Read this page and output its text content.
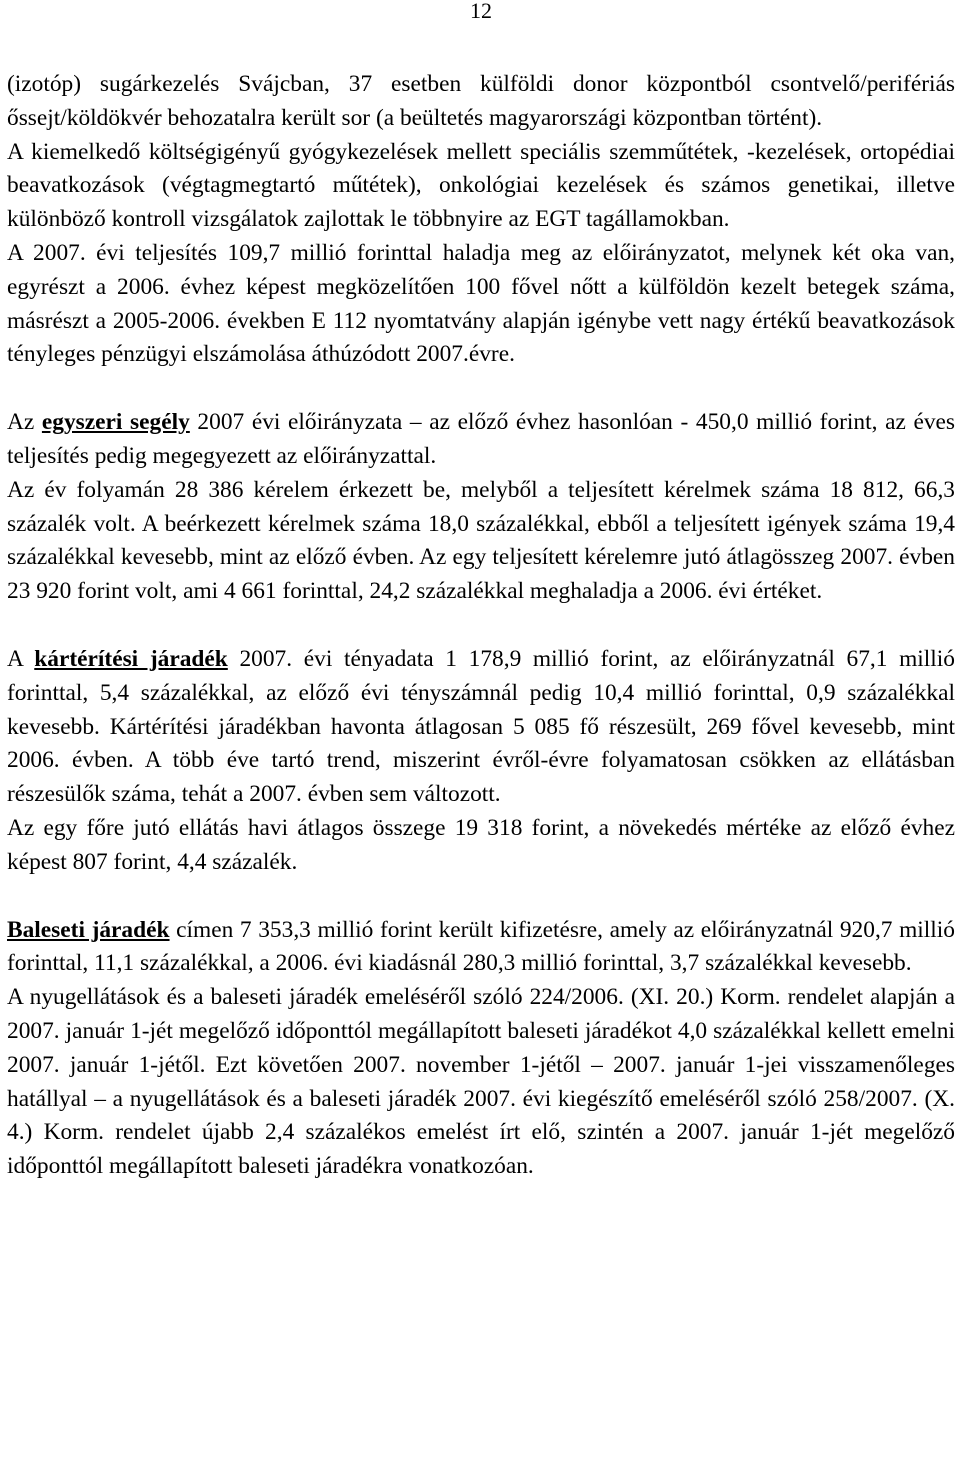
12

(izotóp) sugárkezelés Svájcban, 37 esetben külföldi donor központból csontvelő/perifériás őssejt/köldökvér behozatalra került sor (a beültetés magyarországi központban történt).

A kiemelkedő költségigényű gyógykezelések mellett speciális szemműtétek, -kezelések, ortopédiai beavatkozások (végtagmegtartó műtétek), onkológiai kezelések és számos genetikai, illetve különböző kontroll vizsgálatok zajlottak le többnyire az EGT tagállamokban.

A 2007. évi teljesítés 109,7 millió forinttal haladja meg az előirányzatot, melynek két oka van, egyrészt a 2006. évhez képest megközelítően 100 fővel nőtt a külföldön kezelt betegek száma, másrészt a 2005-2006. években E 112 nyomtatvány alapján igénybe vett nagy értékű beavatkozások tényleges pénzügyi elszámolása áthúzódott 2007.évre.

Az egyszeri segély 2007 évi előirányzata – az előző évhez hasonlóan - 450,0 millió forint, az éves teljesítés pedig megegyezett az előirányzattal.

Az év folyamán 28 386 kérelem érkezett be, melyből a teljesített kérelmek száma 18 812, 66,3 százalék volt. A beérkezett kérelmek száma 18,0 százalékkal, ebből a teljesített igények száma 19,4 százalékkal kevesebb, mint az előző évben. Az egy teljesített kérelemre jutó átlagösszeg 2007. évben 23 920 forint volt, ami 4 661 forinttal, 24,2 százalékkal meghaladja a 2006. évi értéket.

A kártérítési járadék 2007. évi tényadata 1 178,9 millió forint, az előirányzatnál 67,1 millió forinttal, 5,4 százalékkal, az előző évi tényszámnál pedig 10,4 millió forinttal, 0,9 százalékkal kevesebb. Kártérítési járadékban havonta átlagosan 5 085 fő részesült, 269 fővel kevesebb, mint 2006. évben. A több éve tartó trend, miszerint évről-évre folyamatosan csökken az ellátásban részesülők száma, tehát a 2007. évben sem változott.

Az egy főre jutó ellátás havi átlagos összege 19 318 forint, a növekedés mértéke az előző évhez képest 807 forint, 4,4 százalék.

Baleseti járadék címen 7 353,3 millió forint került kifizetésre, amely az előirányzatnál 920,7 millió forinttal, 11,1 százalékkal, a 2006. évi kiadásnál 280,3 millió forinttal, 3,7 százalékkal kevesebb.

A nyugellátások és a baleseti járadék emeléséről szóló 224/2006. (XI. 20.) Korm. rendelet alapján a 2007. január 1-jét megelőző időponttól megállapított baleseti járadékot 4,0 százalékkal kellett emelni 2007. január 1-jétől. Ezt követően 2007. november 1-jétől – 2007. január 1-jei visszamenőleges hatállyal – a nyugellátások és a baleseti járadék 2007. évi kiegészítő emeléséről szóló 258/2007. (X. 4.) Korm. rendelet újabb 2,4 százalékos emelést írt elő, szintén a 2007. január 1-jét megelőző időponttól megállapított baleseti járadékra vonatkozóan.
